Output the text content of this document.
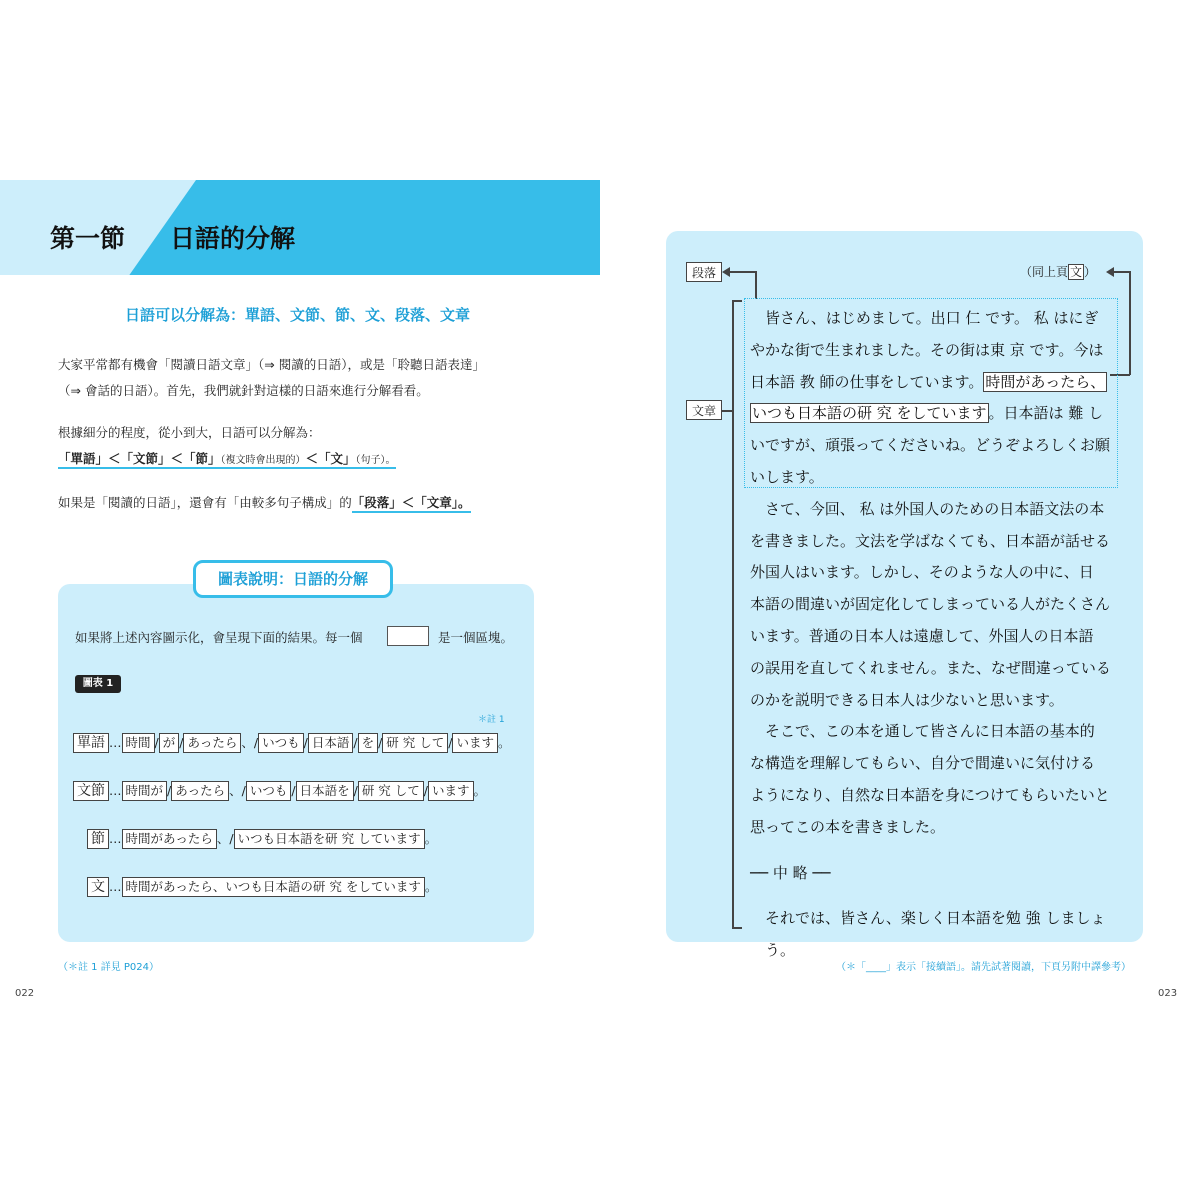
第一節 日語的分解
日語可以分解為：單語、文節、節、文、段落、文章
大家平常都有機會「閱讀日語文章」（⇒ 閱讀的日語），或是「聆聽日語表達」
（⇒ 會話的日語）。首先，我們就針對這樣的日語來進行分解看看。
根據細分的程度，從小到大，日語可以分解為：
「單語」＜「文節」＜「節」（複文時會出現的）＜「文」（句子）。
如果是「閱讀的日語」，還會有「由較多句子構成」的「段落」＜「文章」。
圖表說明：日語的分解
如果將上述內容圖示化，會呈現下面的結果。每一個	是一個區塊。
圖表 1
＊註 1
單語 … 時間 / が / あったら 、/ いつも / 日本語 / を / 研 究 して / います 。
文節 … 時間が / あったら 、/ いつも / 日本語を / 研 究 して / います 。
節 … 時間があったら 、/ いつも日本語を研 究 しています 。
文 … 時間があったら、いつも日本語の研 究 をしています 。
（＊註 1 詳見 P024）
022
段落
文章
（同上頁 文 ）

皆さん、はじめまして。出口 仁 です。 私 はにぎ

やかな街で生まれました。その街は東 京 です。今は

日本語 教 師の仕事をしています。 時間があったら、

いつも日本語の研 究 をしています 。日本語は 難 し

いですが、頑張ってくださいね。どうぞよろしくお願

いします。

さて、今回、 私 は外国人のための日本語文法の本

を書きました。文法を学ばなくても、日本語が話せる

外国人はいます。しかし、そのような人の中に、日

本語の間違いが固定化してしまっている人がたくさん

います。普通の日本人は遠慮して、外国人の日本語

の誤用を直してくれません。また、なぜ間違っている

のかを説明できる日本人は少ないと思います。

そこで、この本を通して皆さんに日本語の基本的

な構造を理解してもらい、自分で間違いに気付ける

ようになり、自然な日本語を身につけてもらいたいと

思ってこの本を書きました。

── 中 略 ──

それでは、皆さん、楽しく日本語を勉 強 しましょう。

（＊「____」表示「接續語」。請先試著閱讀，下頁另附中譯參考）
023
